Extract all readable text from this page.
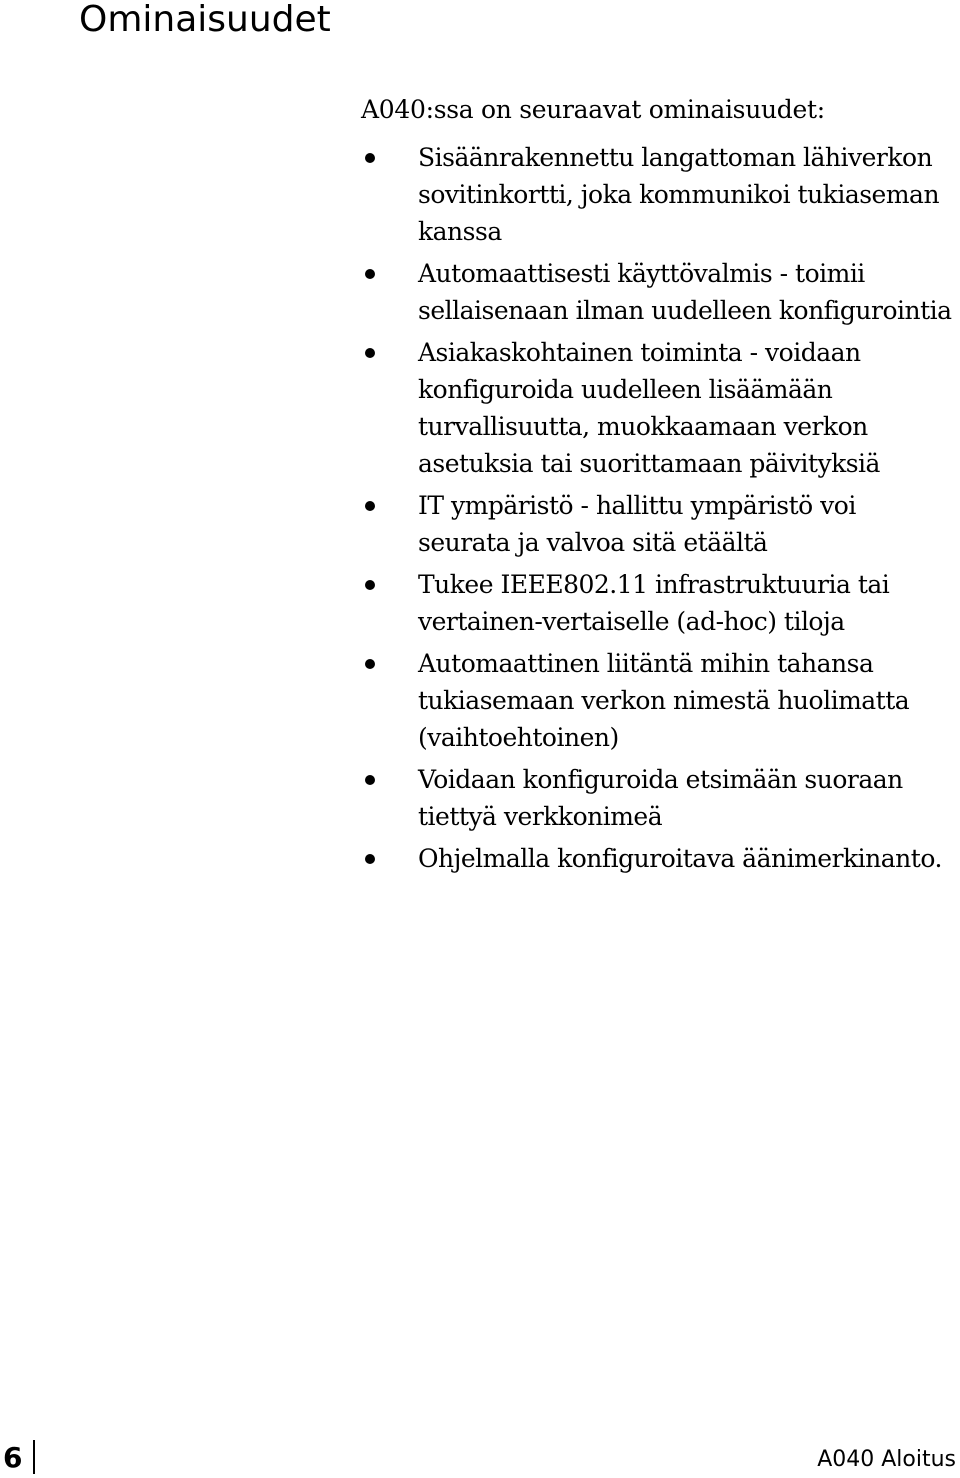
Ominaisuudet

A040:ssa on seuraavat ominaisuudet:

Sisäänrakennettu langattoman lähiverkon
sovitinkortti, joka kommunikoi tukiaseman
kanssa
Automaattisesti käyttövalmis - toimii
sellaisenaan ilman uudelleen konfigurointia
Asiakaskohtainen toiminta - voidaan
konfiguroida uudelleen lisäämään
turvallisuutta, muokkaamaan verkon
asetuksia tai suorittamaan päivityksiä
IT ympäristö - hallittu ympäristö voi
seurata ja valvoa sitä etäältä
Tukee IEEE802.11 infrastruktuuria tai
vertainen-vertaiselle (ad-hoc) tiloja
Automaattinen liitäntä mihin tahansa
tukiasemaan verkon nimestä huolimatta
(vaihtoehtoinen)
Voidaan konfiguroida etsimään suoraan
tiettyä verkkonimeä
Ohjelmalla konfiguroitava äänimerkinanto.
6	A040 Aloitus
